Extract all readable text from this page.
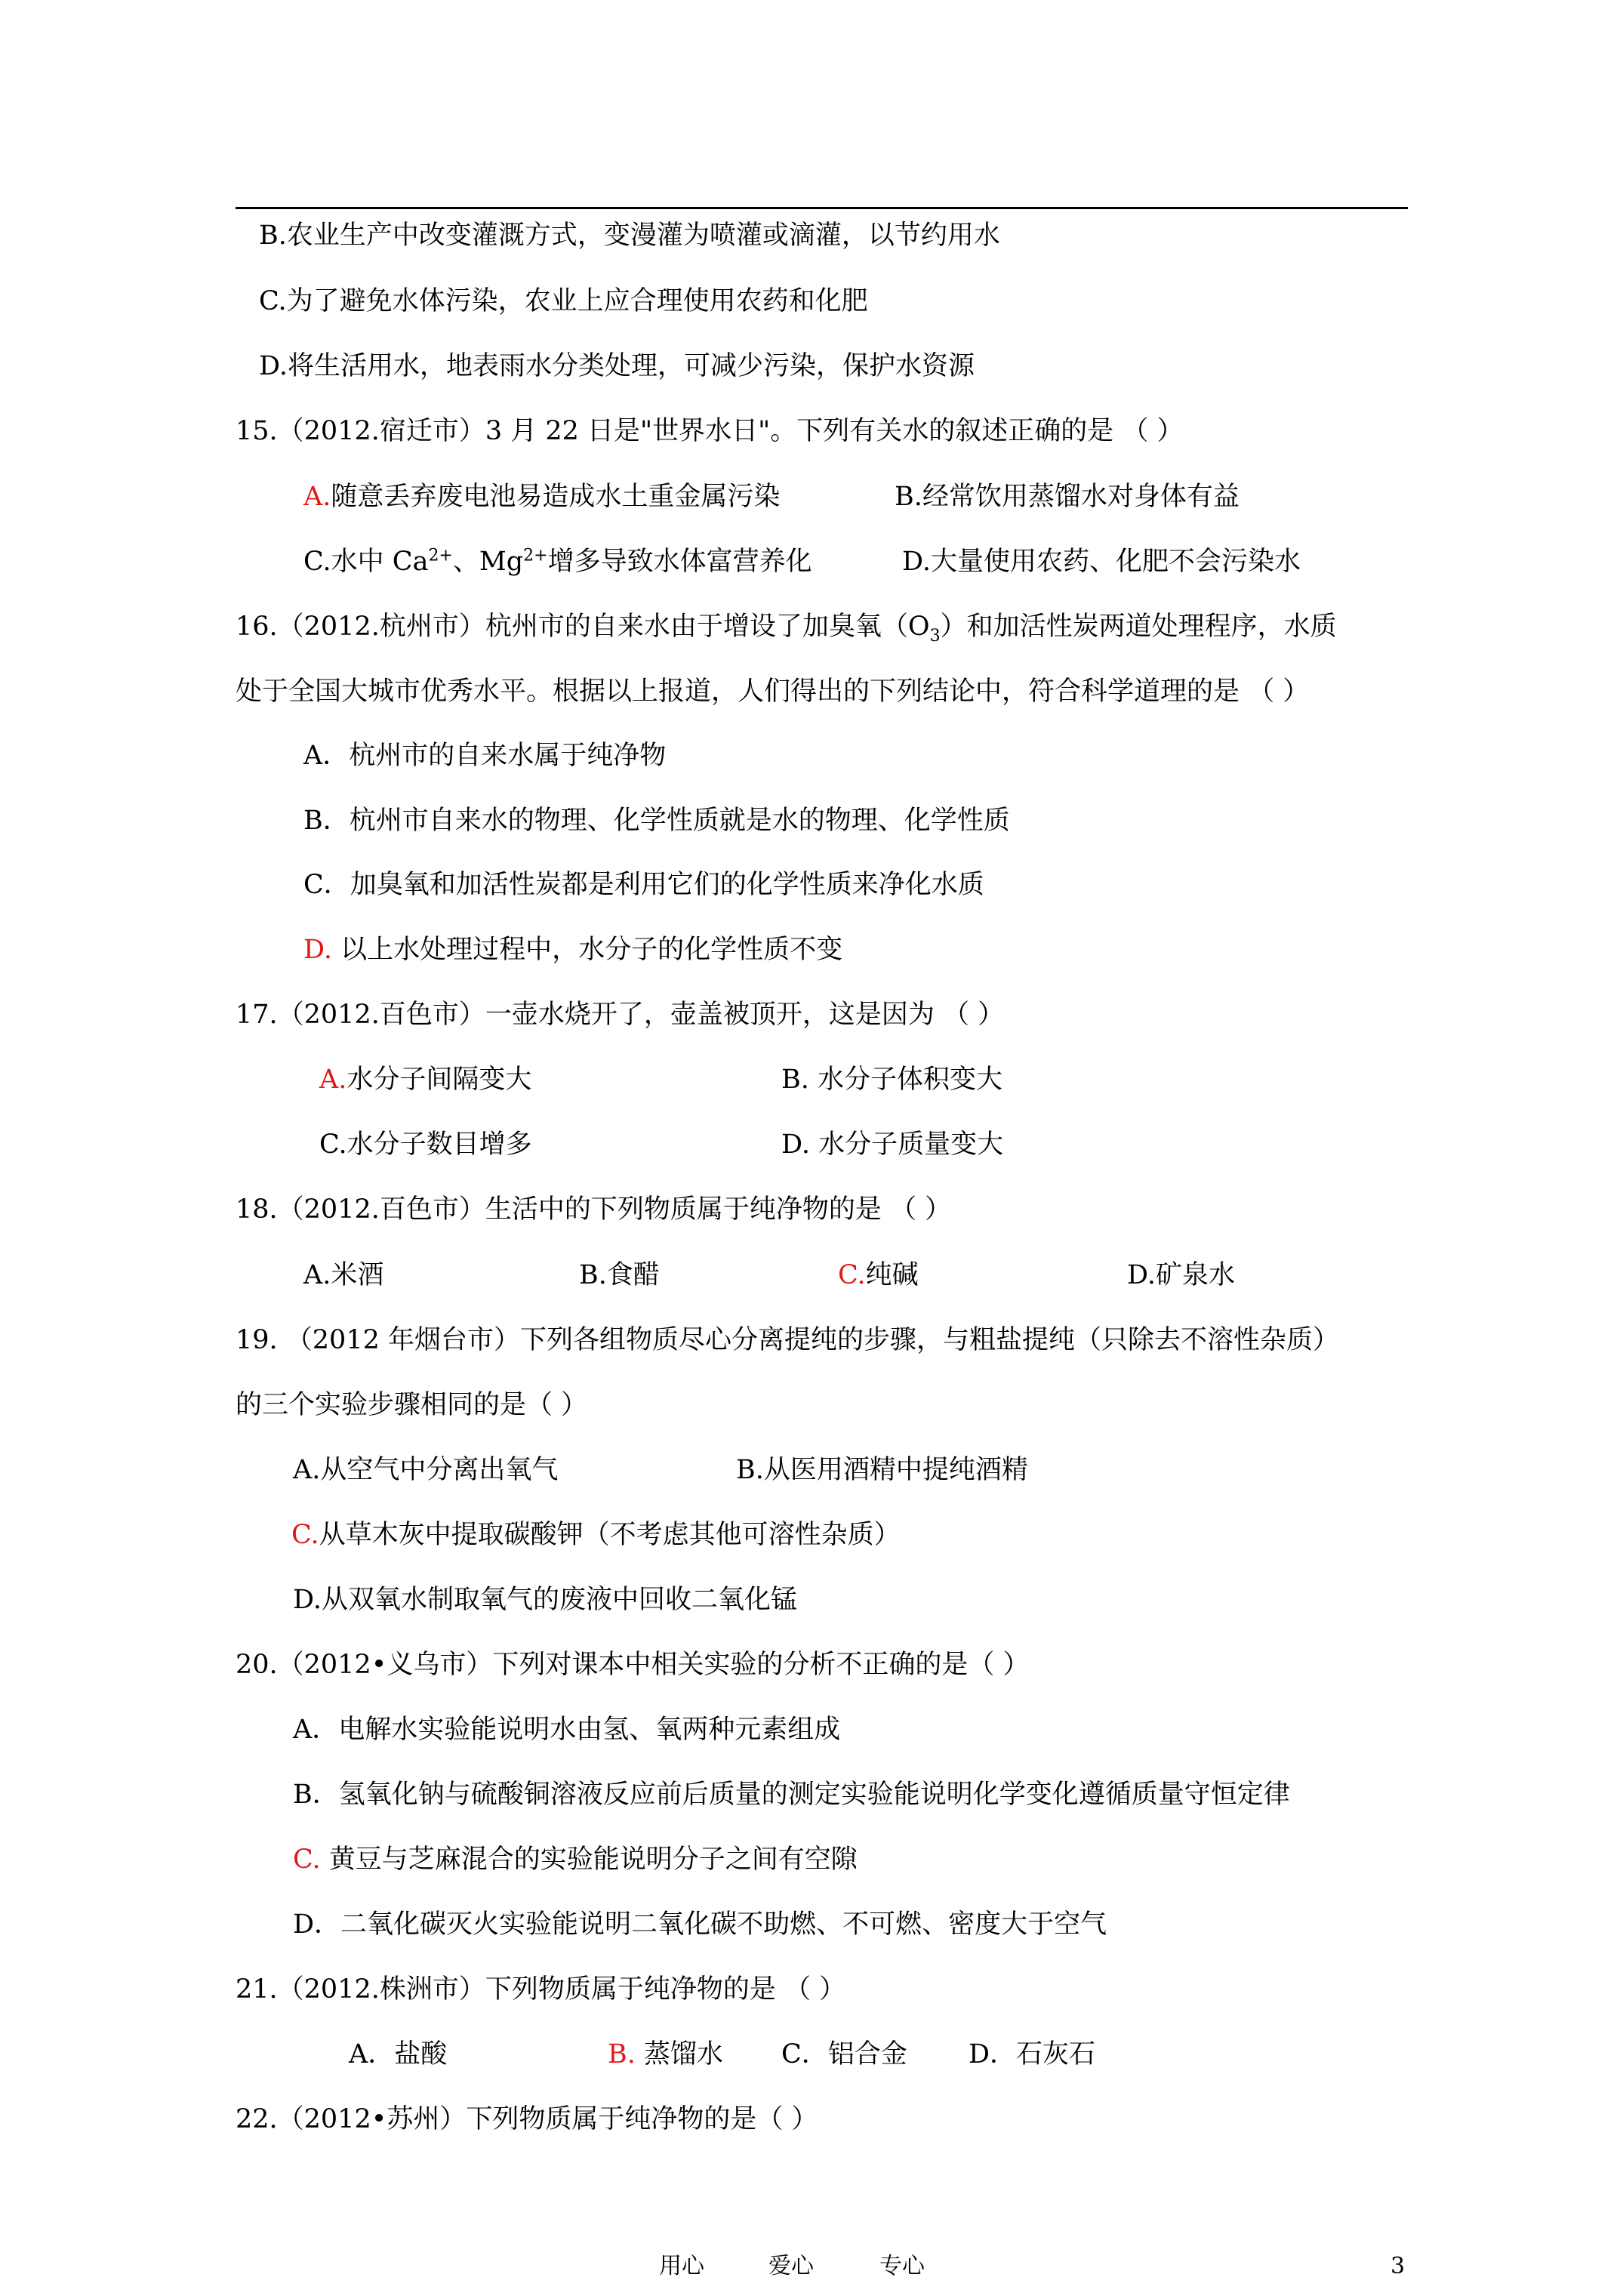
B.农业生产中改变灌溉方式，变漫灌为喷灌或滴灌，以节约用水
C.为了避免水体污染，农业上应合理使用农药和化肥
D.将生活用水，地表雨水分类处理，可减少污染，保护水资源
15.（2012.宿迁市）3 月 22 日是"世界水日"。下列有关水的叙述正确的是 （ ）
A.随意丢弃废电池易造成水土重金属污染	B.经常饮用蒸馏水对身体有益
C.水中 $Ca^{2+}$、$Mg^{2+}$增多导致水体富营养化	D.大量使用农药、化肥不会污染水
16.（2012.杭州市）杭州市的自来水由于增设了加臭氧$(O_3)$和加活性炭两道处理程序，水质
处于全国大城市优秀水平。根据以上报道，人们得出的下列结论中，符合科学道理的是 （ ）
A．杭州市的自来水属于纯净物
B．杭州市自来水的物理、化学性质就是水的物理、化学性质
C．加臭氧和加活性炭都是利用它们的化学性质来净化水质
D. 以上水处理过程中，水分子的化学性质不变
17.（2012.百色市）一壶水烧开了，壶盖被顶开，这是因为 （ ）
A.水分子间隔变大	B. 水分子体积变大
C.水分子数目增多	D. 水分子质量变大
18.（2012.百色市）生活中的下列物质属于纯净物的是 （ ）
A.米酒	B.食醋	C.纯碱	D.矿泉水
19. （2012 年烟台市）下列各组物质尽心分离提纯的步骤，与粗盐提纯（只除去不溶性杂质）
的三个实验步骤相同的是（ ）
A.从空气中分离出氧气	B.从医用酒精中提纯酒精
C.从草木灰中提取碳酸钾（不考虑其他可溶性杂质）
D.从双氧水制取氧气的废液中回收二氧化锰
20.（2012•义乌市）下列对课本中相关实验的分析不正确的是（ ）
A．电解水实验能说明水由氢、氧两种元素组成
B．氢氧化钠与硫酸铜溶液反应前后质量的测定实验能说明化学变化遵循质量守恒定律
C. 黄豆与芝麻混合的实验能说明分子之间有空隙
D．二氧化碳灭火实验能说明二氧化碳不助燃、不可燃、密度大于空气
21.（2012.株洲市）下列物质属于纯净物的是 （ ）
A．盐酸	B. 蒸馏水 C．铝合金 D．石灰石
22.（2012•苏州）下列物质属于纯净物的是（ ）
用心	爱心	专心	3
